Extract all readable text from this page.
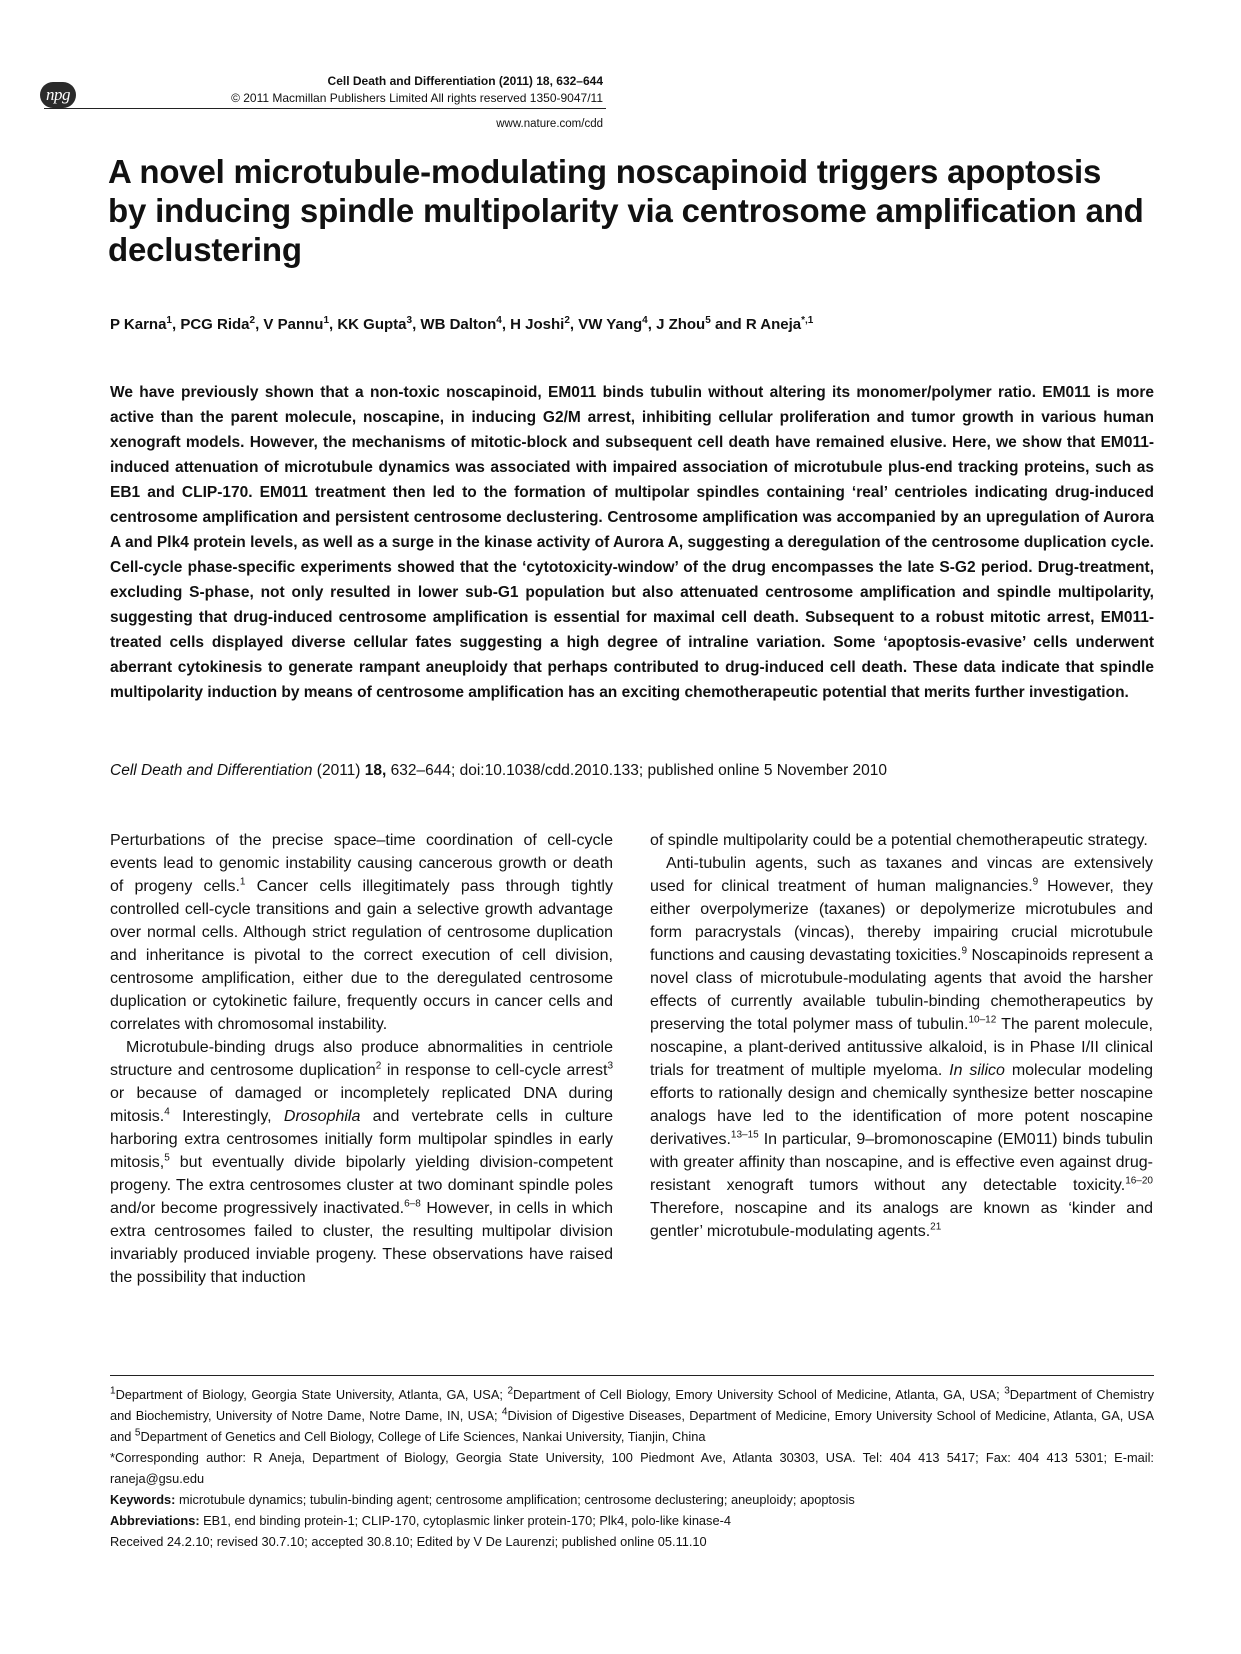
npg
Cell Death and Differentiation (2011) 18, 632–644
© 2011 Macmillan Publishers Limited All rights reserved 1350-9047/11
www.nature.com/cdd
A novel microtubule-modulating noscapinoid triggers apoptosis by inducing spindle multipolarity via centrosome amplification and declustering
P Karna$^1$, PCG Rida$^2$, V Pannu$^1$, KK Gupta$^3$, WB Dalton$^4$, H Joshi$^2$, VW Yang$^4$, J Zhou$^5$ and R Aneja$^{*,1}$

We have previously shown that a non-toxic noscapinoid, EM011 binds tubulin without altering its monomer/polymer ratio. EM011 is more active than the parent molecule, noscapine, in inducing G2/M arrest, inhibiting cellular proliferation and tumor growth in various human xenograft models. However, the mechanisms of mitotic-block and subsequent cell death have remained elusive. Here, we show that EM011-induced attenuation of microtubule dynamics was associated with impaired association of microtubule plus-end tracking proteins, such as EB1 and CLIP-170. EM011 treatment then led to the formation of multipolar spindles containing ‘real’ centrioles indicating drug-induced centrosome amplification and persistent centrosome declustering. Centrosome amplification was accompanied by an upregulation of Aurora A and Plk4 protein levels, as well as a surge in the kinase activity of Aurora A, suggesting a deregulation of the centrosome duplication cycle. Cell-cycle phase-specific experiments showed that the ‘cytotoxicity-window’ of the drug encompasses the late S-G2 period. Drug-treatment, excluding S-phase, not only resulted in lower sub-G1 population but also attenuated centrosome amplification and spindle multipolarity, suggesting that drug-induced centrosome amplification is essential for maximal cell death. Subsequent to a robust mitotic arrest, EM011-treated cells displayed diverse cellular fates suggesting a high degree of intraline variation. Some ‘apoptosis-evasive’ cells underwent aberrant cytokinesis to generate rampant aneuploidy that perhaps contributed to drug-induced cell death. These data indicate that spindle multipolarity induction by means of centrosome amplification has an exciting chemotherapeutic potential that merits further investigation.

Cell Death and Differentiation (2011) 18, 632–644; doi:10.1038/cdd.2010.133; published online 5 November 2010

Perturbations of the precise space–time coordination of cell-cycle events lead to genomic instability causing cancerous growth or death of progeny cells.$^1$ Cancer cells illegitimately pass through tightly controlled cell-cycle transitions and gain a selective growth advantage over normal cells. Although strict regulation of centrosome duplication and inheritance is pivotal to the correct execution of cell division, centrosome amplification, either due to the deregulated centrosome duplication or cytokinetic failure, frequently occurs in cancer cells and correlates with chromosomal instability.

Microtubule-binding drugs also produce abnormalities in centriole structure and centrosome duplication$^2$ in response to cell-cycle arrest$^3$ or because of damaged or incompletely replicated DNA during mitosis.$^4$ Interestingly, Drosophila and vertebrate cells in culture harboring extra centrosomes initially form multipolar spindles in early mitosis,$^5$ but eventually divide bipolarly yielding division-competent progeny. The extra centrosomes cluster at two dominant spindle poles and/or become progressively inactivated.$^{6-8}$ However, in cells in which extra centrosomes failed to cluster, the resulting multipolar division invariably produced inviable progeny. These observations have raised the possibility that induction

of spindle multipolarity could be a potential chemotherapeutic strategy.

Anti-tubulin agents, such as taxanes and vincas are extensively used for clinical treatment of human malignancies.$^9$ However, they either overpolymerize (taxanes) or depolymerize microtubules and form paracrystals (vincas), thereby impairing crucial microtubule functions and causing devastating toxicities.$^9$ Noscapinoids represent a novel class of microtubule-modulating agents that avoid the harsher effects of currently available tubulin-binding chemotherapeutics by preserving the total polymer mass of tubulin.$^{10-12}$ The parent molecule, noscapine, a plant-derived antitussive alkaloid, is in Phase I/II clinical trials for treatment of multiple myeloma. In silico molecular modeling efforts to rationally design and chemically synthesize better noscapine analogs have led to the identification of more potent noscapine derivatives.$^{13-15}$ In particular, 9–bromonoscapine (EM011) binds tubulin with greater affinity than noscapine, and is effective even against drug-resistant xenograft tumors without any detectable toxicity.$^{16-20}$ Therefore, noscapine and its analogs are known as ‘kinder and gentler’ microtubule-modulating agents.$^{21}$

$^1$Department of Biology, Georgia State University, Atlanta, GA, USA; $^2$Department of Cell Biology, Emory University School of Medicine, Atlanta, GA, USA; $^3$Department of Chemistry and Biochemistry, University of Notre Dame, Notre Dame, IN, USA; $^4$Division of Digestive Diseases, Department of Medicine, Emory University School of Medicine, Atlanta, GA, USA and $^5$Department of Genetics and Cell Biology, College of Life Sciences, Nankai University, Tianjin, China

*Corresponding author: R Aneja, Department of Biology, Georgia State University, 100 Piedmont Ave, Atlanta 30303, USA. Tel: 404 413 5417; Fax: 404 413 5301; E-mail: raneja@gsu.edu

Keywords: microtubule dynamics; tubulin-binding agent; centrosome amplification; centrosome declustering; aneuploidy; apoptosis

Abbreviations: EB1, end binding protein-1; CLIP-170, cytoplasmic linker protein-170; Plk4, polo-like kinase-4

Received 24.2.10; revised 30.7.10; accepted 30.8.10; Edited by V De Laurenzi; published online 05.11.10
